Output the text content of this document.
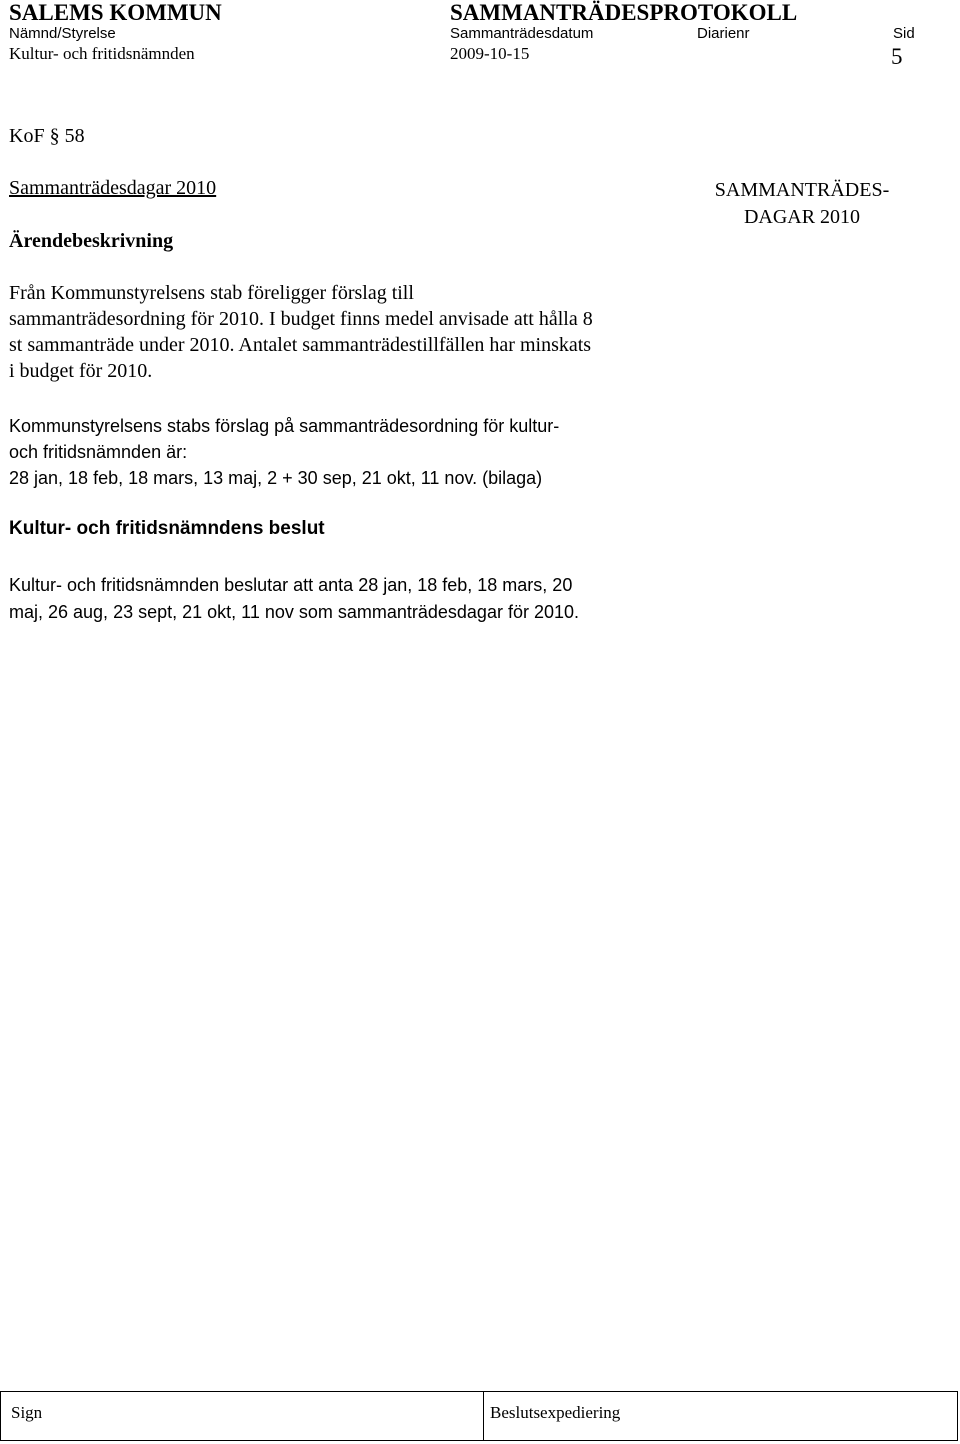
SALEMS KOMMUN	SAMMANTRÄDESPROTOKOLL
Nämnd/Styrelse	Sammanträdesdatum	Diarienr	Sid
Kultur- och fritidsnämnden	2009-10-15	5
KoF § 58
Sammanträdesdagar 2010	SAMMANTRÄDES-
DAGAR 2010
Ärendebeskrivning
Från Kommunstyrelsens stab föreligger förslag till
sammanträdesordning för 2010. I budget finns medel anvisade att hålla 8
st sammanträde under 2010. Antalet sammanträdestillfällen har minskats
i budget för 2010.
Kommunstyrelsens stabs förslag på sammanträdesordning för kultur-
och fritidsnämnden är:
28 jan, 18 feb, 18 mars, 13 maj, 2 + 30 sep, 21 okt, 11 nov. (bilaga)
Kultur- och fritidsnämndens beslut
Kultur- och fritidsnämnden beslutar att anta 28 jan, 18 feb, 18 mars, 20
maj, 26 aug, 23 sept, 21 okt, 11 nov som sammanträdesdagar för 2010.
Sign	Beslutsexpediering
